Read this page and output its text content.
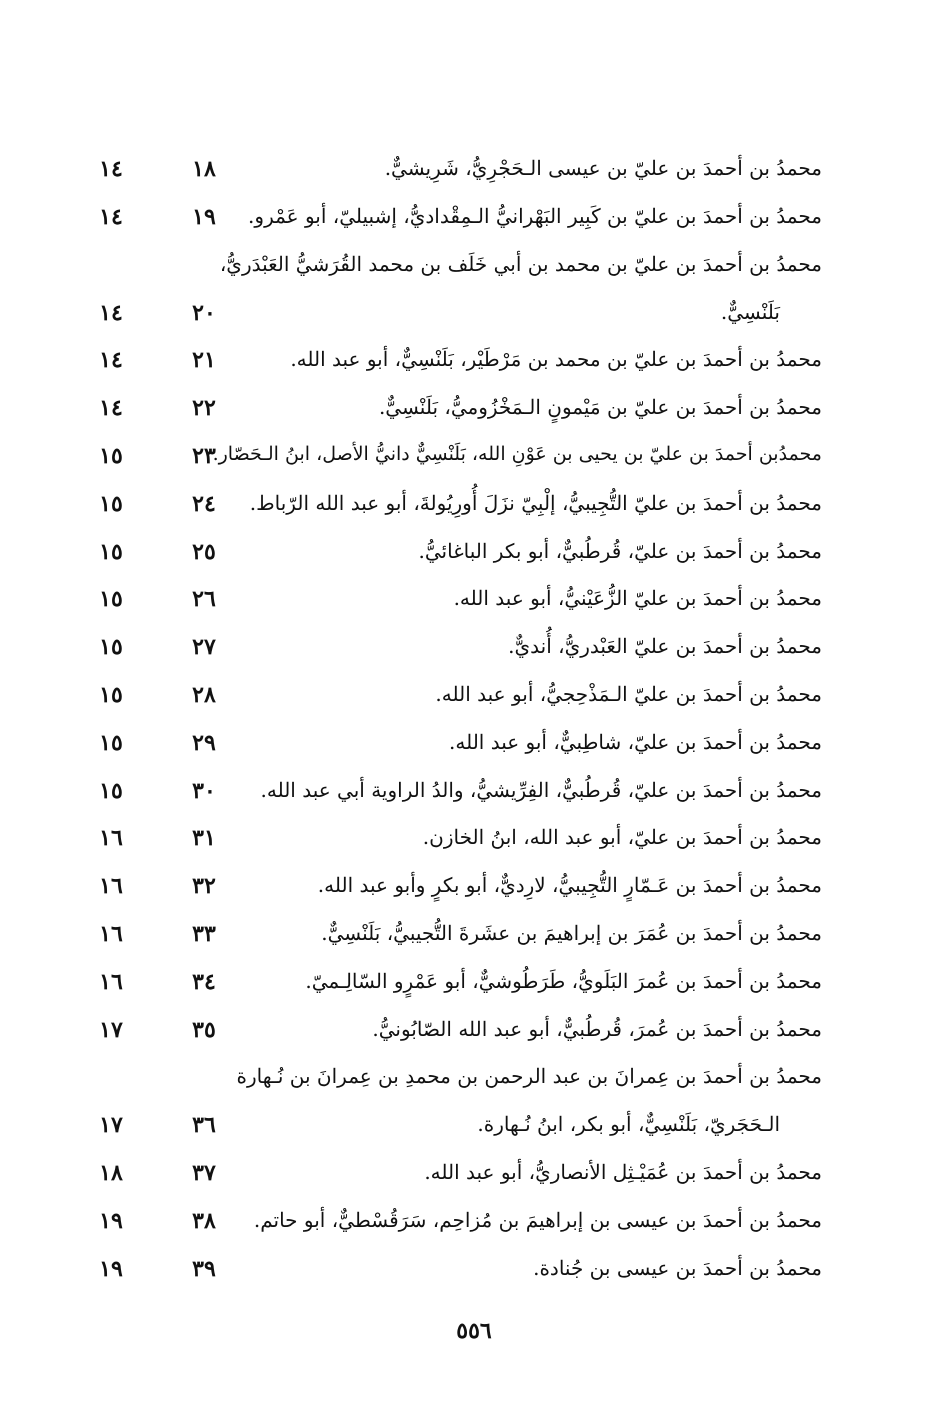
محمدُ بن أحمدَ بن عليّ بن عيسى الـحَجْرِيُّ، شَرِيشيٌّ.
١٨
١٤
محمدُ بن أحمدَ بن عليّ بن كَبِير البَهْرانيُّ الـمِقْداديُّ، إشبيليّ، أبو عَمْرو.
١٩
١٤
محمدُ بن أحمدَ بن عليّ بن محمد بن أبي خَلَف بن محمد القُرَشيُّ العَبْدَريُّ،
بَلَنْسِيٌّ.
٢٠
١٤
محمدُ بن أحمدَ بن عليّ بن محمد بن مَرْطَيْر، بَلَنْسِيٌّ، أبو عبد الله.
٢١
١٤
محمدُ بن أحمدَ بن عليّ بن مَيْمونٍ الـمَخْزُوميُّ، بَلَنْسِيٌّ.
٢٢
١٤
محمدُبن أحمدَ بن عليّ بن يحيى بن عَوْنِ الله، بَلَنْسِيٌّ دانيُّ الأصل، ابنُ الـحَصّار.
٢٣
١٥
محمدُ بن أحمدَ بن عليّ التُّجِيبيُّ، إلْبِيّ نزَلَ أُورِيُولةَ، أبو عبد الله الرّباط.
٢٤
١٥
محمدُ بن أحمدَ بن عليّ، قُرطُبيٌّ، أبو بكر الباغائيُّ.
٢٥
١٥
محمدُ بن أحمدَ بن عليّ الزُّعَيْنيُّ، أبو عبد الله.
٢٦
١٥
محمدُ بن أحمدَ بن عليّ العَبْدريُّ، أُنديٌّ.
٢٧
١٥
محمدُ بن أحمدَ بن عليّ الـمَذْحِجيُّ، أبو عبد الله.
٢٨
١٥
محمدُ بن أحمدَ بن عليّ، شاطِبيٌّ، أبو عبد الله.
٢٩
١٥
محمدُ بن أحمدَ بن عليّ، قُرطُبيٌّ، الفِرِّيشيُّ، والدُ الراوية أبي عبد الله.
٣٠
١٥
محمدُ بن أحمدَ بن عليّ، أبو عبد الله، ابنُ الخازن.
٣١
١٦
محمدُ بن أحمدَ بن عَـمّارٍ التُّجِيبيُّ، لارِديٌّ، أبو بكرٍ وأبو عبد الله.
٣٢
١٦
محمدُ بن أحمدَ بن عُمَرَ بن إبراهيمَ بن عشَرةَ التُّجيبيُّ، بَلَنْسِيٌّ.
٣٣
١٦
محمدُ بن أحمدَ بن عُمرَ البَلَويُّ، طَرَطُوشيٌّ، أبو عَمْرٍو السّالِـميّ.
٣٤
١٦
محمدُ بن أحمدَ بن عُمرَ، قُرطُبيٌّ، أبو عبد الله الصّابُونيُّ.
٣٥
١٧
محمدُ بن أحمدَ بن عِمرانَ بن عبد الرحمن بن محمدِ بن عِمرانَ بن نُـهارة
الـحَجَريّ، بَلَنْسِيٌّ، أبو بكر، ابنُ نُـهارة.
٣٦
١٧
محمدُ بن أحمدَ بن عُمَيْـثِل الأنصاريُّ، أبو عبد الله.
٣٧
١٨
محمدُ بن أحمدَ بن عيسى بن إبراهيمَ بن مُزاحِم، سَرَقُسْطيٌّ، أبو حاتم.
٣٨
١٩
محمدُ بن أحمدَ بن عيسى بن جُنادة.
٣٩
١٩
٥٥٦
